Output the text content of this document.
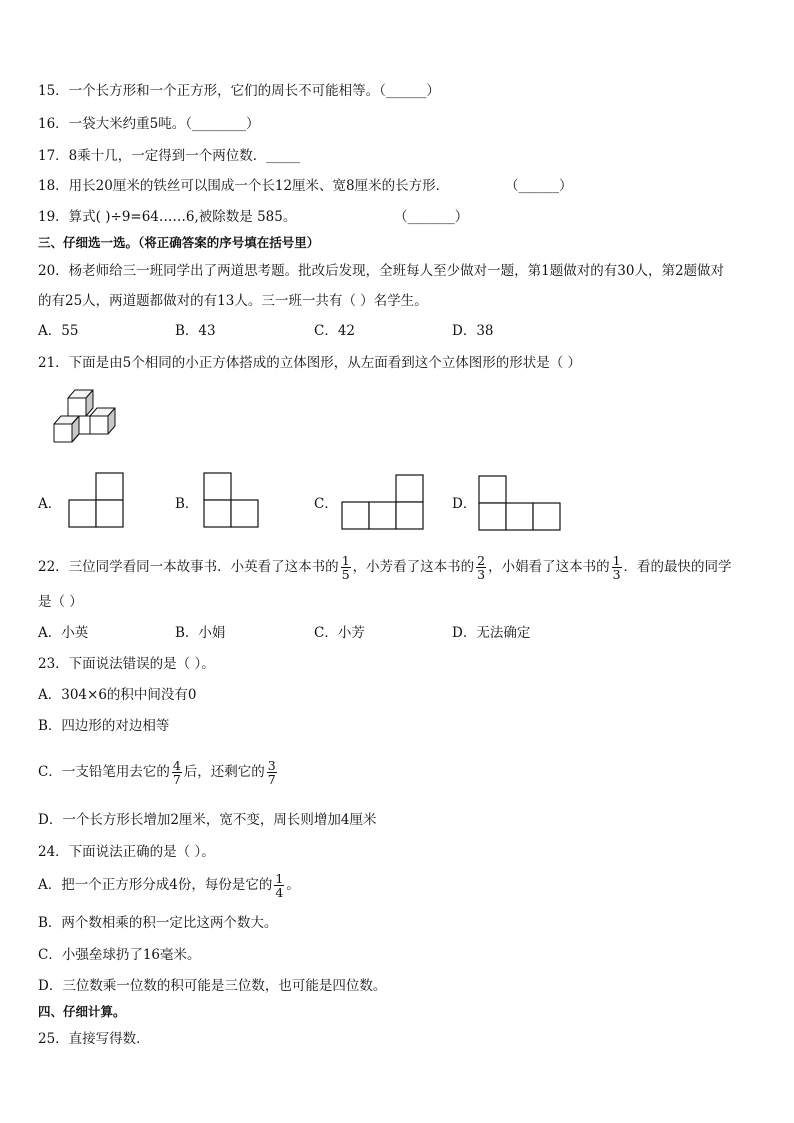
15．一个长方形和一个正方形，它们的周长不可能相等。（______）
16．一袋大米约重5吨。（________）
17．8乘十几，一定得到一个两位数．_____
18．用长20厘米的铁丝可以围成一个长12厘米、宽8厘米的长方形．	（______）
19．算式( )÷9=64……6,被除数是 585。	（_______）
三、仔细选一选。（将正确答案的序号填在括号里）
20．杨老师给三一班同学出了两道思考题。批改后发现，全班每人至少做对一题，第1题做对的有30人，第2题做对
的有25人，两道题都做对的有13人。三一班一共有（ ）名学生。
A．55	B．43	C．42	D．38
21．下面是由5个相同的小正方体搭成的立体图形，从左面看到这个立体图形的形状是（ ）
A．	B．	C．	D．
22．三位同学看同一本故事书．小英看了这本书的 $\frac{1}{5}$ ，小芳看了这本书的 $\frac{2}{3}$ ，小娟看了这本书的 $\frac{1}{3}$ ．看的最快的同学
是（ ）
A．小英	B．小娟	C．小芳	D．无法确定
23．下面说法错误的是（ ）。
A．304×6的积中间没有0
B．四边形的对边相等
C．一支铅笔用去它的 $\frac{4}{7}$ 后，还剩它的 $\frac{3}{7}$
D．一个长方形长增加2厘米，宽不变，周长则增加4厘米
24．下面说法正确的是（ ）。
A．把一个正方形分成4份，每份是它的 $\frac{1}{4}$ 。
B．两个数相乘的积一定比这两个数大。
C．小强垒球扔了16毫米。
D．三位数乘一位数的积可能是三位数，也可能是四位数。
四、仔细计算。
25．直接写得数．
